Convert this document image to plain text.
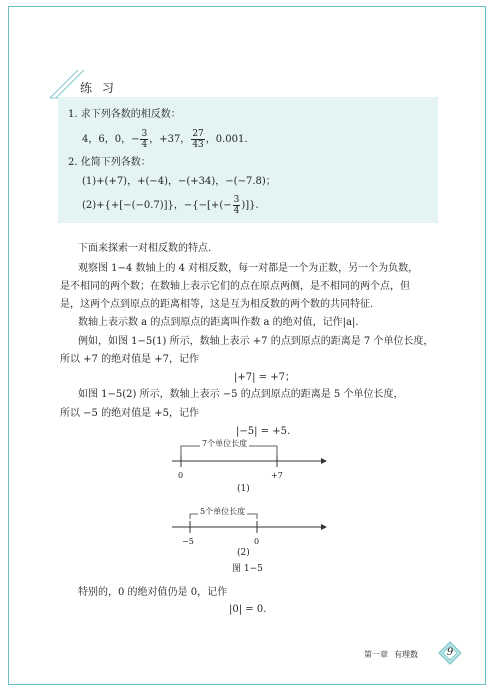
练 习
1. 求下列各数的相反数：
4，6，0，− $\frac{3}{4}$ ，+37， $\frac{27}{43}$ ，0.001.
2. 化简下列各数：
(1)+(+7)，+(−4)，−(+34)，−(−7.8)；
(2)+{+[−(−0.7)]}，−{−[+(− $\frac{3}{4}$ )]}.
下面来探索一对相反数的特点.
观察图 1−4 数轴上的 4 对相反数，每一对都是一个为正数，另一个为负数，
是不相同的两个数；在数轴上表示它们的点在原点两侧，是不相同的两个点，但
是，这两个点到原点的距离相等，这是互为相反数的两个数的共同特征.
数轴上表示数 a 的点到原点的距离叫作数 a 的绝对值，记作|a|.
例如，如图 1−5(1) 所示，数轴上表示 +7 的点到原点的距离是 7 个单位长度，
所以 +7 的绝对值是 +7，记作
|+7| = +7；
如图 1−5(2) 所示，数轴上表示 −5 的点到原点的距离是 5 个单位长度，
所以 −5 的绝对值是 +5，记作
|−5| = +5.
7个单位长度
0	+7
(1)
5个单位长度
−5	0
(2)
图 1−5
特别的，0 的绝对值仍是 0，记作
|0| = 0.
第一章 有理数	9
